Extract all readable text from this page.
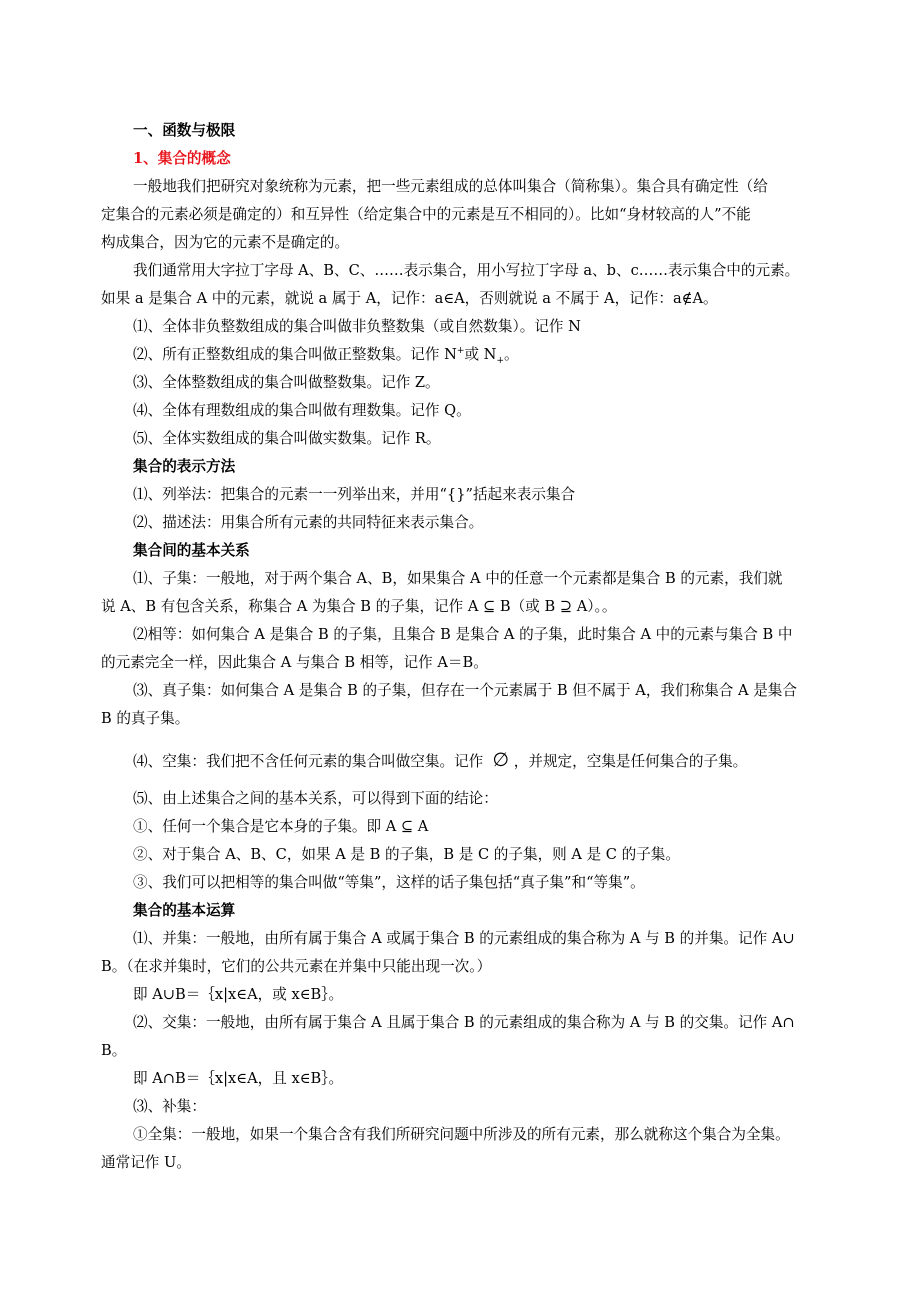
一、函数与极限
1、集合的概念
一般地我们把研究对象统称为元素，把一些元素组成的总体叫集合（简称集）。集合具有确定性（给
定集合的元素必须是确定的）和互异性（给定集合中的元素是互不相同的）。比如“身材较高的人”不能
构成集合，因为它的元素不是确定的。
我们通常用大字拉丁字母 A、B、C、……表示集合，用小写拉丁字母 a、b、c……表示集合中的元素。
如果 a 是集合 A 中的元素，就说 a 属于 A，记作：a∈A，否则就说 a 不属于 A，记作：a∉A。
⑴、全体非负整数组成的集合叫做非负整数集（或自然数集）。记作 N
⑵、所有正整数组成的集合叫做正整数集。记作 N+或 $N_+$。
⑶、全体整数组成的集合叫做整数集。记作 Z。
⑷、全体有理数组成的集合叫做有理数集。记作 Q。
⑸、全体实数组成的集合叫做实数集。记作 R。
集合的表示方法
⑴、列举法：把集合的元素一一列举出来，并用“{}”括起来表示集合
⑵、描述法：用集合所有元素的共同特征来表示集合。
集合间的基本关系
⑴、子集：一般地，对于两个集合 A、B，如果集合 A 中的任意一个元素都是集合 B 的元素，我们就
说 A、B 有包含关系，称集合 A 为集合 B 的子集，记作 A ⊆ B（或 B ⊇ A）。。
⑵相等：如何集合 A 是集合 B 的子集，且集合 B 是集合 A 的子集，此时集合 A 中的元素与集合 B 中
的元素完全一样，因此集合 A 与集合 B 相等，记作 A＝B。
⑶、真子集：如何集合 A 是集合 B 的子集，但存在一个元素属于 B 但不属于 A，我们称集合 A 是集合
B 的真子集。
⑷、空集：我们把不含任何元素的集合叫做空集。记作 ∅ ，并规定，空集是任何集合的子集。
⑸、由上述集合之间的基本关系，可以得到下面的结论：
①、任何一个集合是它本身的子集。即 A ⊆ A
②、对于集合 A、B、C，如果 A 是 B 的子集，B 是 C 的子集，则 A 是 C 的子集。
③、我们可以把相等的集合叫做“等集”，这样的话子集包括“真子集”和“等集”。
集合的基本运算
⑴、并集：一般地，由所有属于集合 A 或属于集合 B 的元素组成的集合称为 A 与 B 的并集。记作 A∪
B。（在求并集时，它们的公共元素在并集中只能出现一次。）
即 A∪B＝｛x|x∈A，或 x∈B｝。
⑵、交集：一般地，由所有属于集合 A 且属于集合 B 的元素组成的集合称为 A 与 B 的交集。记作 A∩
B。
即 A∩B＝｛x|x∈A，且 x∈B｝。
⑶、补集：
①全集：一般地，如果一个集合含有我们所研究问题中所涉及的所有元素，那么就称这个集合为全集。
通常记作 U。
